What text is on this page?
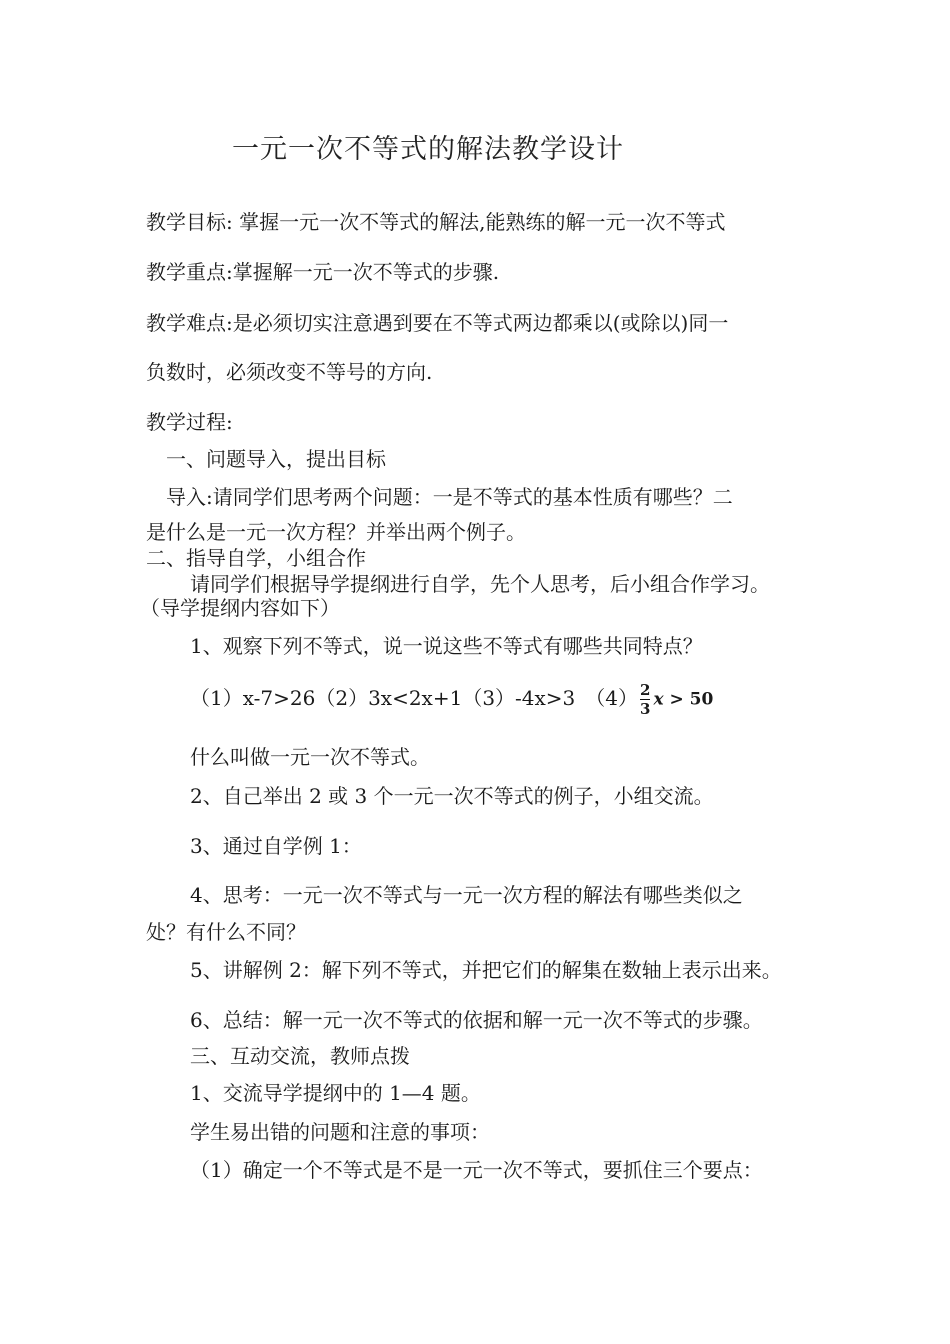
一元一次不等式的解法教学设计
教学目标: 掌握一元一次不等式的解法,能熟练的解一元一次不等式
教学重点:掌握解一元一次不等式的步骤.
教学难点:是必须切实注意遇到要在不等式两边都乘以(或除以)同一
负数时，必须改变不等号的方向.
教学过程:
一、问题导入，提出目标
导入:请同学们思考两个问题：一是不等式的基本性质有哪些？二
是什么是一元一次方程？并举出两个例子。
二、指导自学，小组合作
请同学们根据导学提纲进行自学，先个人思考，后小组合作学习。
（导学提纲内容如下）
1、观察下列不等式，说一说这些不等式有哪些共同特点？
（1）x-7>26（2）3x<2x+1（3）-4x>3　$(4) \frac{2}{3}$ x > 50
什么叫做一元一次不等式。
2、自己举出 2 或 3 个一元一次不等式的例子，小组交流。
3、通过自学例 1：
4、思考：一元一次不等式与一元一次方程的解法有哪些类似之
处？有什么不同？
5、讲解例 2：解下列不等式，并把它们的解集在数轴上表示出来。
6、总结：解一元一次不等式的依据和解一元一次不等式的步骤。
三、互动交流，教师点拨
1、交流导学提纲中的 1—4 题。
学生易出错的问题和注意的事项：
（1）确定一个不等式是不是一元一次不等式，要抓住三个要点：
